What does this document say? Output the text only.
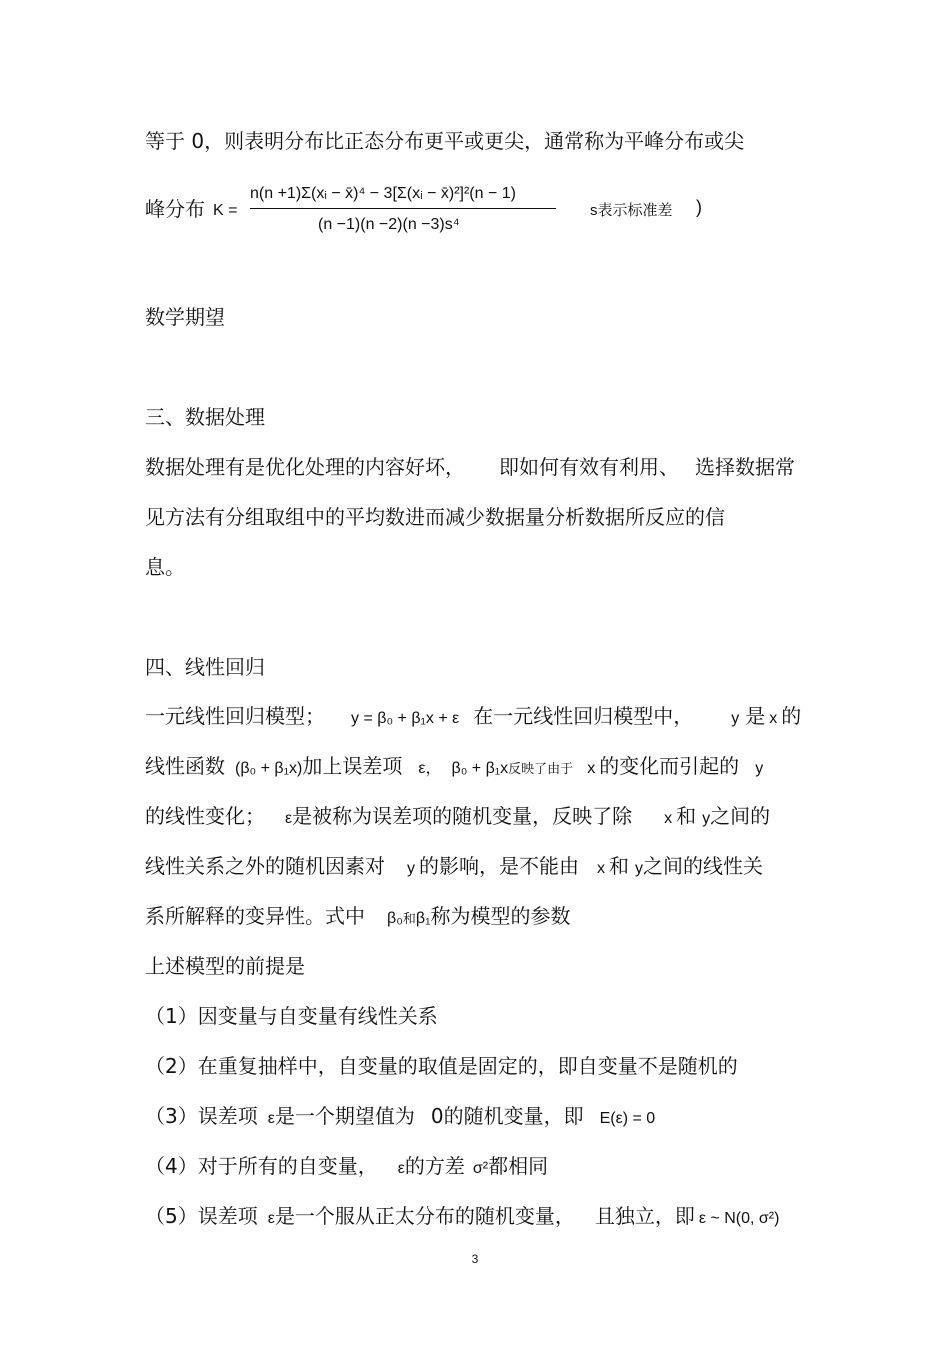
等于 0，则表明分布比正态分布更平或更尖，通常称为平峰分布或尖
峰分布 K =
n(n +1)Σ(xᵢ − x̄)⁴ − 3[Σ(xᵢ − x̄)²]²(n − 1)
(n −1)(n −2)(n −3)s⁴
s表示标准差 )
数学期望
三、数据处理
数据处理有是优化处理的内容好坏， 即如何有效有利用、 选择数据常
见方法有分组取组中的平均数进而减少数据量分析数据所反应的信
息。
四、线性回归
一元线性回归模型； y = β₀ + β₁x + ε 在一元线性回归模型中， y 是 x 的
线性函数 (β₀ + β₁x)加上误差项 ε， β₀ + β₁x反映了由于 x 的变化而引起的 y
的线性变化； ε是被称为误差项的随机变量，反映了除 x 和 y之间的
线性关系之外的随机因素对 y 的影响，是不能由 x 和 y之间的线性关
系所解释的变异性。式中 β₀和β₁称为模型的参数
上述模型的前提是
（1）因变量与自变量有线性关系
（2）在重复抽样中，自变量的取值是固定的，即自变量不是随机的
（3）误差项 ε是一个期望值为 0的随机变量，即 E(ε) = 0
（4）对于所有的自变量， ε的方差 σ²都相同
（5）误差项 ε是一个服从正太分布的随机变量， 且独立，即 ε ~ N(0, σ²)
3
